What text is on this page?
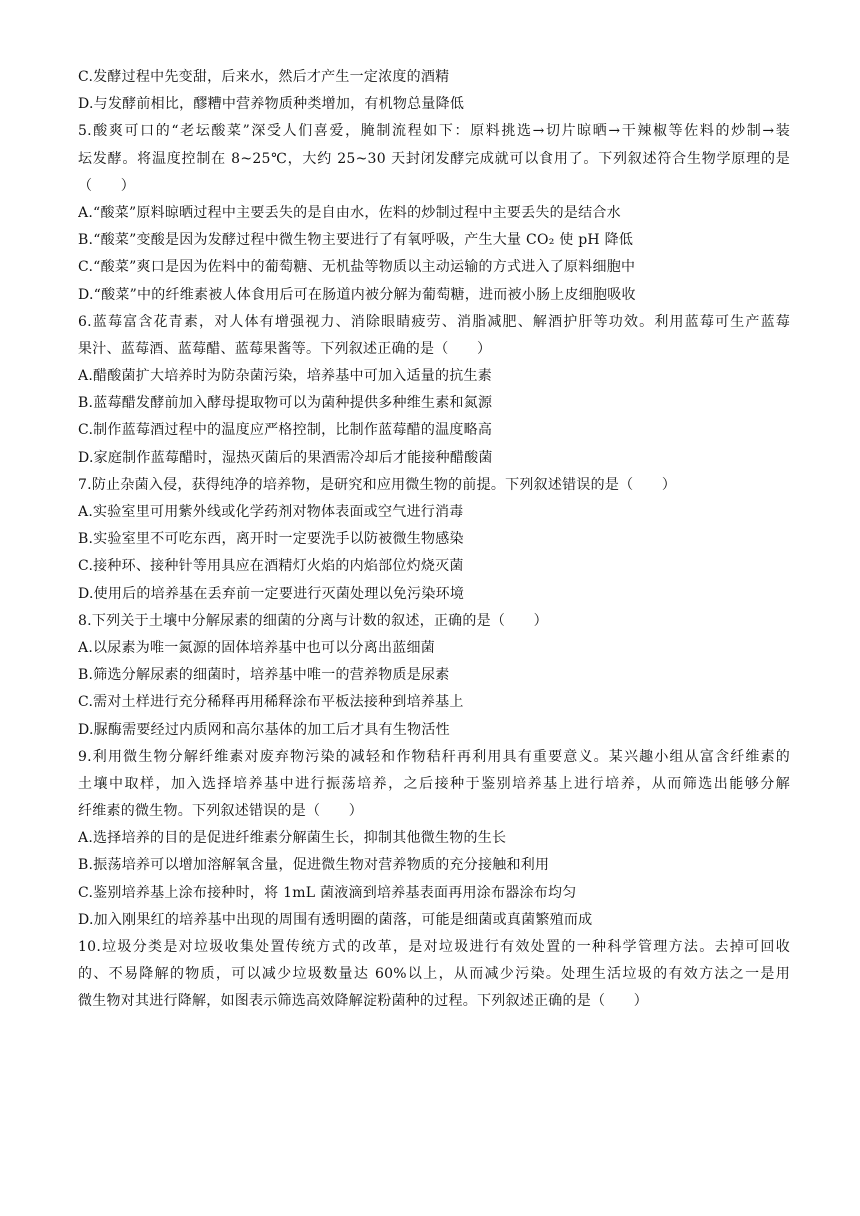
C.发酵过程中先变甜，后来水，然后才产生一定浓度的酒精
D.与发酵前相比，醪糟中营养物质种类增加，有机物总量降低
5.酸爽可口的“老坛酸菜”深受人们喜爱，腌制流程如下：原料挑选→切片晾晒→干辣椒等佐料的炒制→装
坛发酵。将温度控制在 8~25℃，大约 25~30 天封闭发酵完成就可以食用了。下列叙述符合生物学原理的是
（　　）
A.“酸菜”原料晾晒过程中主要丢失的是自由水，佐料的炒制过程中主要丢失的是结合水
B.“酸菜”变酸是因为发酵过程中微生物主要进行了有氧呼吸，产生大量 CO₂ 使 pH 降低
C.“酸菜”爽口是因为佐料中的葡萄糖、无机盐等物质以主动运输的方式进入了原料细胞中
D.“酸菜”中的纤维素被人体食用后可在肠道内被分解为葡萄糖，进而被小肠上皮细胞吸收
6.蓝莓富含花青素，对人体有增强视力、消除眼睛疲劳、消脂减肥、解酒护肝等功效。利用蓝莓可生产蓝莓
果汁、蓝莓酒、蓝莓醋、蓝莓果酱等。下列叙述正确的是（　　）
A.醋酸菌扩大培养时为防杂菌污染，培养基中可加入适量的抗生素
B.蓝莓醋发酵前加入酵母提取物可以为菌种提供多种维生素和氮源
C.制作蓝莓酒过程中的温度应严格控制，比制作蓝莓醋的温度略高
D.家庭制作蓝莓醋时，湿热灭菌后的果酒需冷却后才能接种醋酸菌
7.防止杂菌入侵，获得纯净的培养物，是研究和应用微生物的前提。下列叙述错误的是（　　）
A.实验室里可用紫外线或化学药剂对物体表面或空气进行消毒
B.实验室里不可吃东西，离开时一定要洗手以防被微生物感染
C.接种环、接种针等用具应在酒精灯火焰的内焰部位灼烧灭菌
D.使用后的培养基在丢弃前一定要进行灭菌处理以免污染环境
8.下列关于土壤中分解尿素的细菌的分离与计数的叙述，正确的是（　　）
A.以尿素为唯一氮源的固体培养基中也可以分离出蓝细菌
B.筛选分解尿素的细菌时，培养基中唯一的营养物质是尿素
C.需对土样进行充分稀释再用稀释涂布平板法接种到培养基上
D.脲酶需要经过内质网和高尔基体的加工后才具有生物活性
9.利用微生物分解纤维素对废弃物污染的减轻和作物秸秆再利用具有重要意义。某兴趣小组从富含纤维素的
土壤中取样，加入选择培养基中进行振荡培养，之后接种于鉴别培养基上进行培养，从而筛选出能够分解
纤维素的微生物。下列叙述错误的是（　　）
A.选择培养的目的是促进纤维素分解菌生长，抑制其他微生物的生长
B.振荡培养可以增加溶解氧含量，促进微生物对营养物质的充分接触和利用
C.鉴别培养基上涂布接种时，将 1mL 菌液滴到培养基表面再用涂布器涂布均匀
D.加入刚果红的培养基中出现的周围有透明圈的菌落，可能是细菌或真菌繁殖而成
10.垃圾分类是对垃圾收集处置传统方式的改革，是对垃圾进行有效处置的一种科学管理方法。去掉可回收
的、不易降解的物质，可以减少垃圾数量达 60%以上，从而减少污染。处理生活垃圾的有效方法之一是用
微生物对其进行降解，如图表示筛选高效降解淀粉菌种的过程。下列叙述正确的是（　　）
